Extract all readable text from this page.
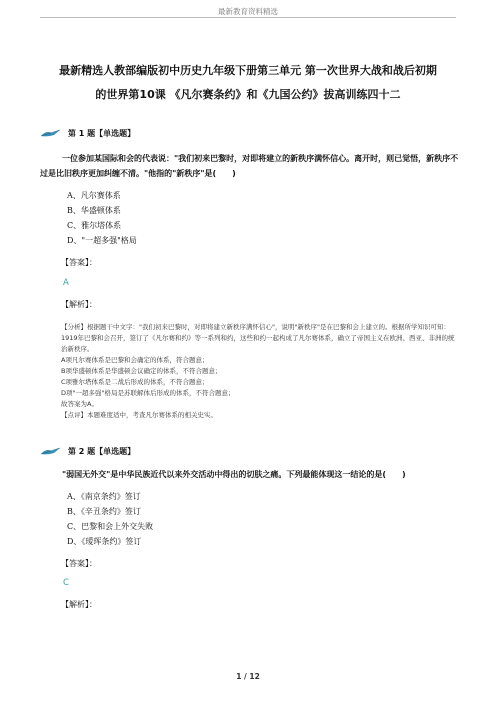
最新教育资料精选
最新精选人教部编版初中历史九年级下册第三单元 第一次世界大战和战后初期
的世界第10课 《凡尔赛条约》和《九国公约》拔高训练四十二
第 1 题【单选题】
一位参加某国际和会的代表说："我们初来巴黎时，对即将建立的新秩序满怀信心。离开时，则已觉悟，新秩序不过是比旧秩序更加纠缠不清。"他指的"新秩序"是(　　)
A、凡尔赛体系
B、华盛顿体系
C、雅尔塔体系
D、"一超多强"格局
【答案】：
A
【解析】：

【分析】根据题干中文字："我们初来巴黎时，对即将建立新秩序满怀信心"，说明"新秩序"是在巴黎和会上建立的。根据所学知识可知：1919年巴黎和会召开，签订了《凡尔赛和约》等一系列和约，这些和约一起构成了凡尔赛体系，确立了帝国主义在欧洲、西亚、非洲的统治新秩序。

A项凡尔赛体系是巴黎和会确定的体系，符合题意；

B项华盛顿体系是华盛顿会议确定的体系，不符合题意；

C项雅尔塔体系是二战后形成的体系，不符合题意；

D项"一超多强"格局是苏联解体后形成的体系，不符合题意；

故答案为A。

【点评】本题难度适中，考查凡尔赛体系的相关史实。

第 2 题【单选题】
"弱国无外交"是中华民族近代以来外交活动中得出的切肤之痛。下列最能体现这一结论的是(　　)
A、《南京条约》签订
B、《辛丑条约》签订
C、巴黎和会上外交失败
D、《瑷珲条约》签订
【答案】：
C
【解析】：
1 / 12
